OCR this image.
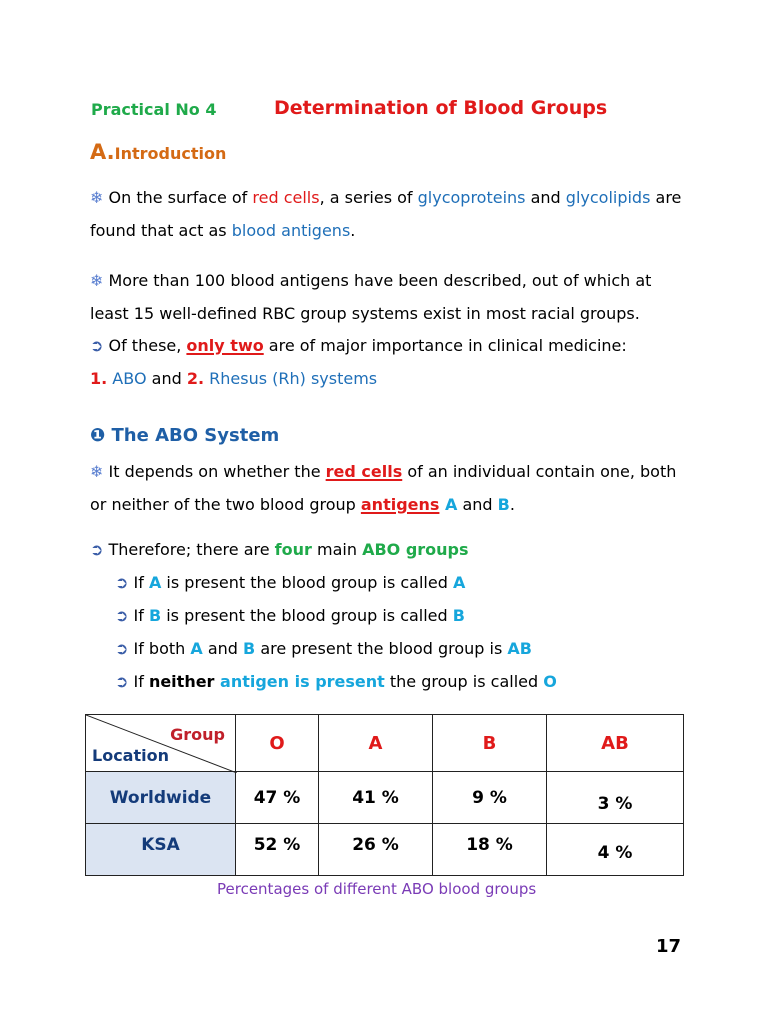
Practical No 4	Determination of Blood Groups
A.Introduction
❄ On the surface of red cells, a series of glycoproteins and glycolipids are found that act as blood antigens.
❄ More than 100 blood antigens have been described, out of which at least 15 well-defined RBC group systems exist in most racial groups.
➲ Of these, only two are of major importance in clinical medicine:
1. ABO and 2. Rhesus (Rh) systems
❶ The ABO System
❄ It depends on whether the red cells of an individual contain one, both or neither of the two blood group antigens A and B.
➲ Therefore; there are four main ABO groups
➲ If A is present the blood group is called A
➲ If B is present the blood group is called B
➲ If both A and B are present the blood group is AB
➲ If neither antigen is present the group is called O
Group
Location	O	A	B	AB
Worldwide	47 %	41 %	9 %	3 %
KSA	52 %	26 %	18 %	4 %
Percentages of different ABO blood groups
17
